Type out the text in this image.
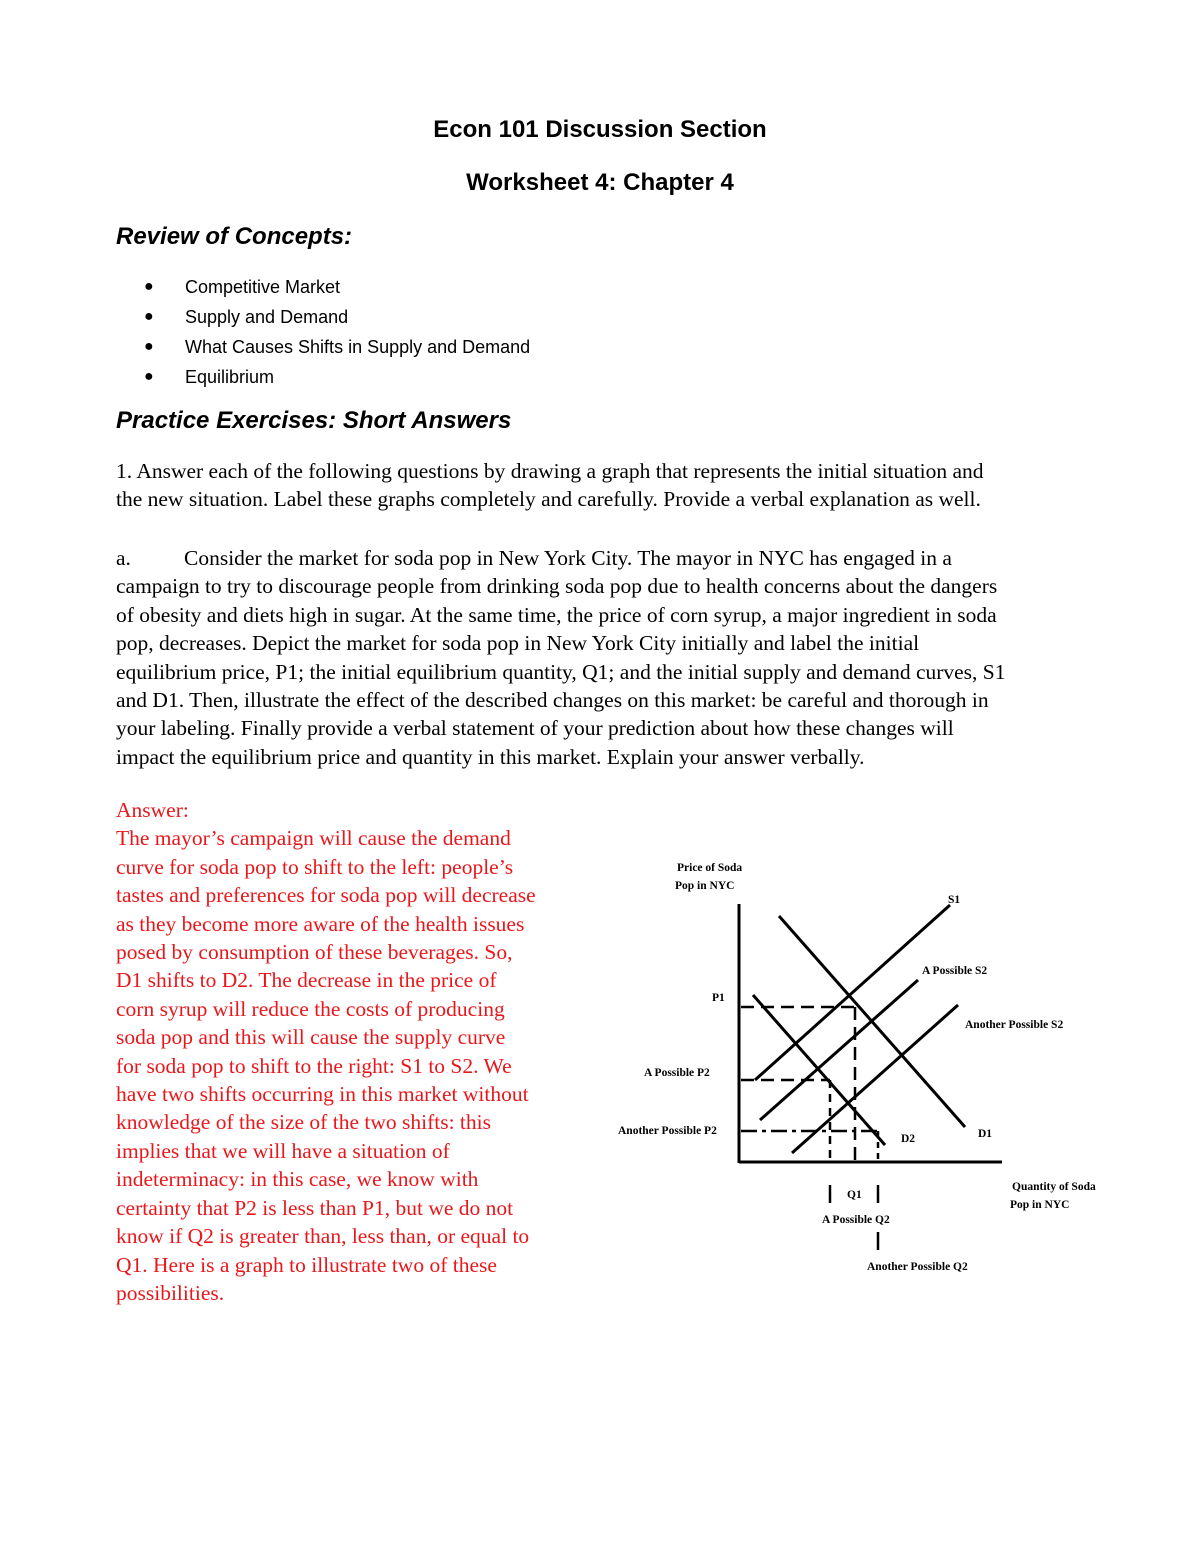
Econ 101 Discussion Section
Worksheet 4: Chapter 4
Review of Concepts:
● Competitive Market
● Supply and Demand
● What Causes Shifts in Supply and Demand
● Equilibrium
Practice Exercises: Short Answers
1. Answer each of the following questions by drawing a graph that represents the initial situation and
the new situation. Label these graphs completely and carefully. Provide a verbal explanation as well.
a. Consider the market for soda pop in New York City. The mayor in NYC has engaged in a
campaign to try to discourage people from drinking soda pop due to health concerns about the dangers
of obesity and diets high in sugar. At the same time, the price of corn syrup, a major ingredient in soda
pop, decreases. Depict the market for soda pop in New York City initially and label the initial
equilibrium price, P1; the initial equilibrium quantity, Q1; and the initial supply and demand curves, S1
and D1. Then, illustrate the effect of the described changes on this market: be careful and thorough in
your labeling. Finally provide a verbal statement of your prediction about how these changes will
impact the equilibrium price and quantity in this market. Explain your answer verbally.
Answer:
The mayor’s campaign will cause the demand
curve for soda pop to shift to the left: people’s
tastes and preferences for soda pop will decrease
as they become more aware of the health issues
posed by consumption of these beverages. So,
D1 shifts to D2. The decrease in the price of
corn syrup will reduce the costs of producing
soda pop and this will cause the supply curve
for soda pop to shift to the right: S1 to S2. We
have two shifts occurring in this market without
knowledge of the size of the two shifts: this
implies that we will have a situation of
indeterminacy: in this case, we know with
certainty that P2 is less than P1, but we do not
know if Q2 is greater than, less than, or equal to
Q1. Here is a graph to illustrate two of these
possibilities.
Price of Soda
Pop in NYC
Quantity of Soda
Pop in NYC
S1
A Possible S2
Another Possible S2
D1
D2
P1
A Possible P2
Another Possible P2
Q1
A Possible Q2
Another Possible Q2
